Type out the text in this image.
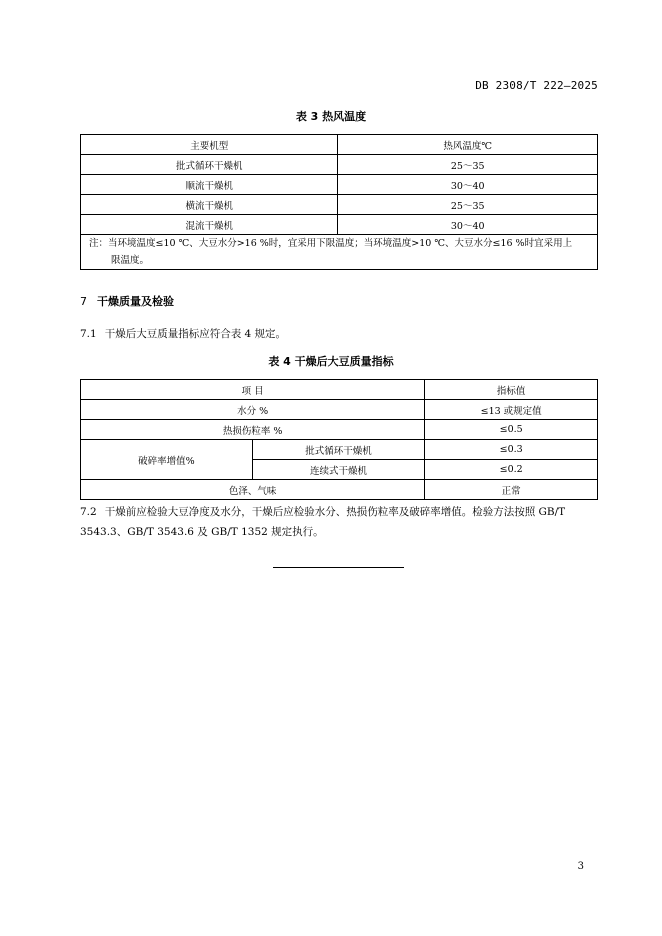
DB 2308/T 222—2025
表 3 热风温度
主要机型	热风温度℃
批式循环干燥机	25～35
顺流干燥机	30～40
横流干燥机	25～35
混流干燥机	30～40

注：当环境温度≤10 ℃、大豆水分>16 %时，宜采用下限温度；当环境温度>10 ℃、大豆水分≤16 %时宜采用上
限温度。	
7 干燥质量及检验
7.1 干燥后大豆质量指标应符合表 4 规定。
表 4 干燥后大豆质量指标
项 目		指标值
水分 %		≤13 或规定值
热损伤粒率 %		≤0.5
破碎率增值%	批式循环干燥机	≤0.3
	连续式干燥机	≤0.2
色泽、气味		正常
7.2 干燥前应检验大豆净度及水分，干燥后应检验水分、热损伤粒率及破碎率增值。检验方法按照 GB/T
3543.3、GB/T 3543.6 及 GB/T 1352 规定执行。
3
